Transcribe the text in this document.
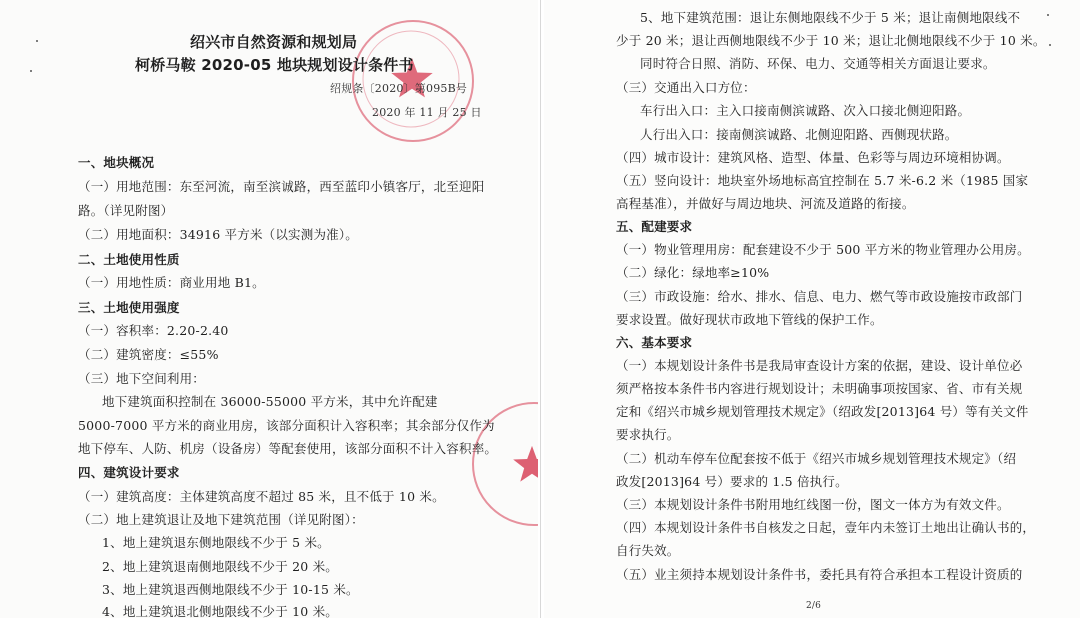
绍兴市自然资源和规划局
柯桥马鞍 2020-05 地块规划设计条件书
绍规条〔2020〕第095B号
2020 年 11 月 25 日
一、地块概况
（一）用地范围：东至河流，南至滨诚路，西至蓝印小镇客厅，北至迎阳
路。（详见附图）
（二）用地面积：34916 平方米（以实测为准）。
二、土地使用性质
（一）用地性质：商业用地 B1。
三、土地使用强度
（一）容积率：2.20-2.40
（二）建筑密度：≤55%
（三）地下空间利用：
地下建筑面积控制在 36000-55000 平方米，其中允许配建
5000-7000 平方米的商业用房，该部分面积计入容积率；其余部分仅作为
地下停车、人防、机房（设备房）等配套使用，该部分面积不计入容积率。
四、建筑设计要求
（一）建筑高度：主体建筑高度不超过 85 米，且不低于 10 米。
（二）地上建筑退让及地下建筑范围（详见附图）：
1、地上建筑退东侧地限线不少于 5 米。
2、地上建筑退南侧地限线不少于 20 米。
3、地上建筑退西侧地限线不少于 10-15 米。
4、地上建筑退北侧地限线不少于 10 米。
5、地下建筑范围：退让东侧地限线不少于 5 米；退让南侧地限线不
少于 20 米；退让西侧地限线不少于 10 米；退让北侧地限线不少于 10 米。
同时符合日照、消防、环保、电力、交通等相关方面退让要求。
（三）交通出入口方位：
车行出入口：主入口接南侧滨诚路、次入口接北侧迎阳路。
人行出入口：接南侧滨诚路、北侧迎阳路、西侧现状路。
（四）城市设计：建筑风格、造型、体量、色彩等与周边环境相协调。
（五）竖向设计：地块室外场地标高宜控制在 5.7 米-6.2 米（1985 国家
高程基准），并做好与周边地块、河流及道路的衔接。
五、配建要求
（一）物业管理用房：配套建设不少于 500 平方米的物业管理办公用房。
（二）绿化：绿地率≥10%
（三）市政设施：给水、排水、信息、电力、燃气等市政设施按市政部门
要求设置。做好现状市政地下管线的保护工作。
六、基本要求
（一）本规划设计条件书是我局审查设计方案的依据，建设、设计单位必
须严格按本条件书内容进行规划设计；未明确事项按国家、省、市有关规
定和《绍兴市城乡规划管理技术规定》（绍政发[2013]64 号）等有关文件
要求执行。
（二）机动车停车位配套按不低于《绍兴市城乡规划管理技术规定》（绍
政发[2013]64 号）要求的 1.5 倍执行。
（三）本规划设计条件书附用地红线图一份，图文一体方为有效文件。
（四）本规划设计条件书自核发之日起，壹年内未签订土地出让确认书的，
自行失效。
（五）业主须持本规划设计条件书，委托具有符合承担本工程设计资质的
2/6
